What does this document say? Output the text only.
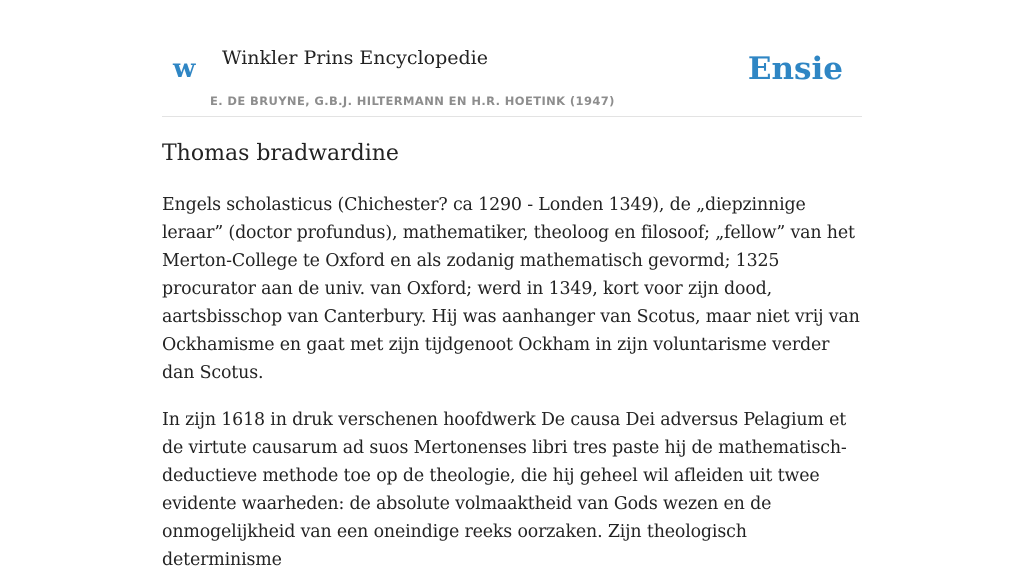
w Winkler Prins Encyclopedie
E. DE BRUYNE, G.B.J. HILTERMANN EN H.R. HOETINK (1947)
Ensie
Thomas bradwardine

Engels scholasticus (Chichester? ca 1290 - Londen 1349), de „diepzinnige leraar” (doctor profundus), mathematiker, theoloog en filosoof; „fellow” van het Merton-College te Oxford en als zodanig mathematisch gevormd; 1325 procurator aan de univ. van Oxford; werd in 1349, kort voor zijn dood, aartsbisschop van Canterbury. Hij was aanhanger van Scotus, maar niet vrij van Ockhamisme en gaat met zijn tijdgenoot Ockham in zijn voluntarisme verder dan Scotus.

In zijn 1618 in druk verschenen hoofdwerk De causa Dei adversus Pelagium et de virtute causarum ad suos Mertonenses libri tres paste hij de mathematisch-deductieve methode toe op de theologie, die hij geheel wil afleiden uit twee evidente waarheden: de absolute volmaaktheid van Gods wezen en de onmogelijkheid van een oneindige reeks oorzaken. Zijn theologisch determinisme
